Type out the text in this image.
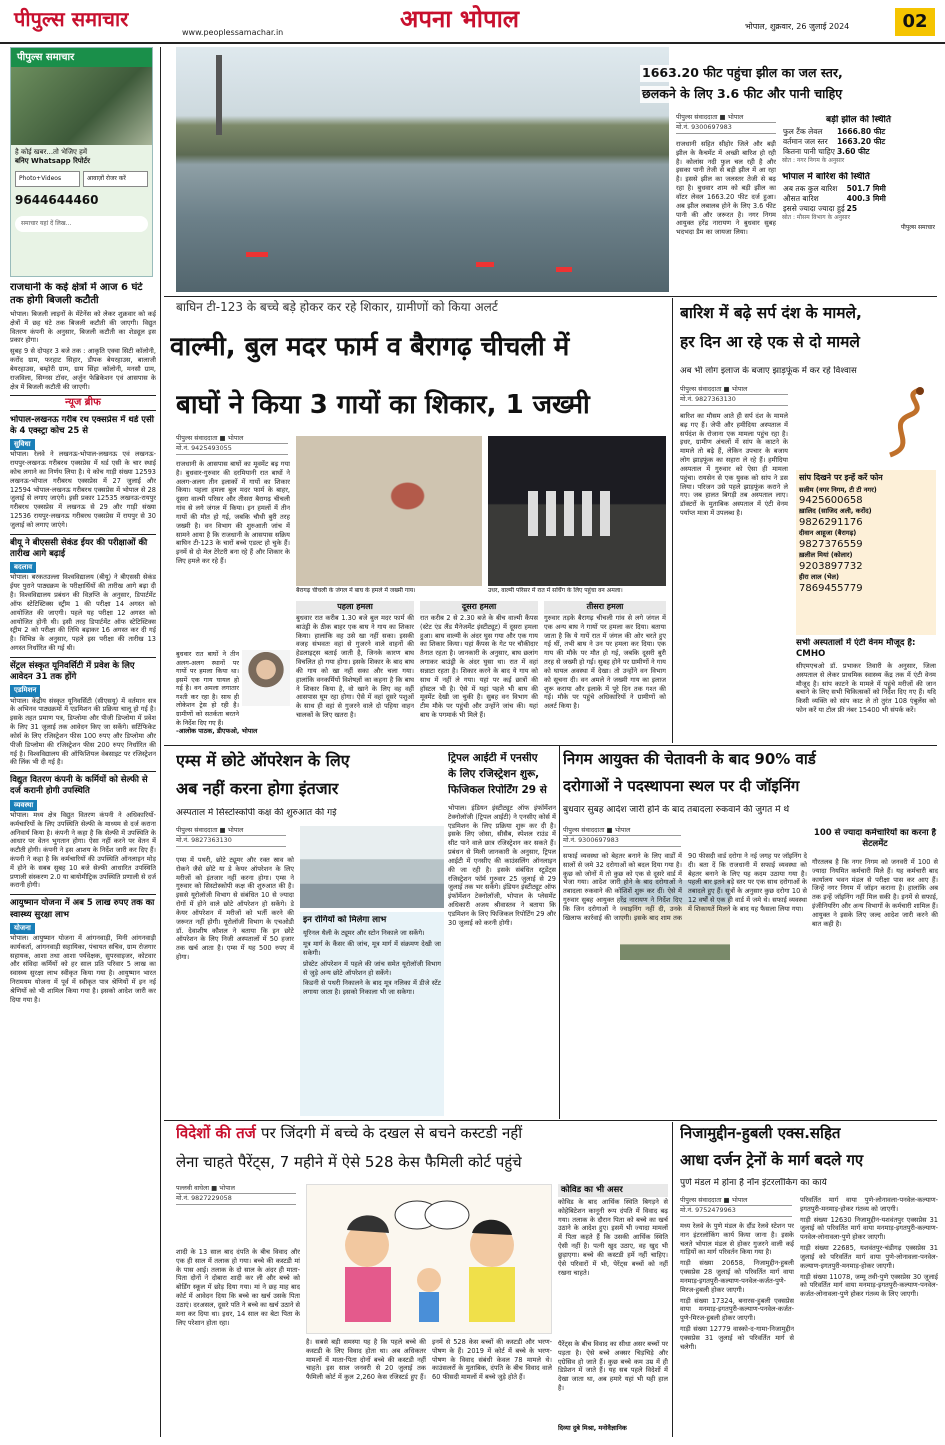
पीपुल्स समाचार
www.peoplessamachar.in	अपना भोपाल	भोपाल, शुक्रवार, 26 जुलाई 2024	02
पीपुल्स समाचार
है कोई खबर...तो भेजिए हमें
बनिए Whatsapp रिपोर्टर
Photo+Videos	आवाज़ों रोजर करें
9644644460
समाचार यहां दें लिख...
राजधानी के कई क्षेत्रों में आज 6 घंटे तक होगी बिजली कटौती
भोपाल। बिजली लाइनों के मेंटेनेंस को लेकर शुक्रवार को कई क्षेत्रों में छह घंटे तक बिजली कटौती की जाएगी। विद्युत वितरण कंपनी के अनुसार, बिजली कटौती का शेड्यूल इस प्रकार होगा।
सुबह 9 से दोपहर 3 बजे तक : आकृति एक्वा सिटी कॉलोनी, करोंद ग्राम, फरहाट सिहार, डीपक बेयरहाउस, बालाजी बेयरहाउस, बम्होरी ग्राम, ग्राम सिंहा कॉलोनी, मनसौ ग्राम, राजविला, सिग्नस टॉवर, अर्जुन फेब्रिकेशन एवं आसपास के क्षेत्र में बिजली कटौती की जाएगी।
न्यूज ब्रीफ
भोपाल-लखनऊ गरीब रथ एक्सप्रेस में थर्ड एसी के 4 एक्स्ट्रा कोच 25 से
सुविधा
भोपाल। रेलवे ने लखनऊ-भोपाल-लखनऊ एवं लखनऊ-रायपुर-लखनऊ गरीबरथ एक्सप्रेस में थर्ड एसी के चार स्थाई कोच लगाने का निर्णय लिया है। ये कोच गाड़ी संख्या 12593 लखनऊ-भोपाल गरीबरथ एक्सप्रेस में 27 जुलाई और 12594 भोपाल-लखनऊ गरीबरथ एक्सप्रेस में भोपाल से 28 जुलाई से लगाए जाएंगे। इसी प्रकार 12535 लखनऊ-रायपुर गरीबरथ एक्सप्रेस में लखनऊ से 29 और गाड़ी संख्या 12536 रायपुर-लखनऊ गरीबरथ एक्सप्रेस में रायपुर से 30 जुलाई को लगाए जाएंगे।
बीयू ने बीएससी सेकंड ईयर की परीक्षाओं की तारीख आगे बढ़ाई
बदलाव
भोपाल। बरकतउल्ला विश्वविद्यालय (बीयू) ने बीएससी सेकंड ईयर पुराने पाठ्यक्रम के परीक्षार्थियों की तारीख आगे बढ़ा दी है। विश्वविद्यालय प्रबंधन की विज्ञप्ति के अनुसार, डिपार्टमेंट ऑफ स्टेटिस्टिक्स स्ट्रीम 1 की परीक्षा 14 अगस्त को आयोजित की जाएगी। पहले यह परीक्षा 12 अगस्त को आयोजित होनी थी। इसी तरह डिपार्टमेंट ऑफ स्टेटिस्टिक्स स्ट्रीम 2 को परीक्षा की तिथि बढ़ाकर 16 अगस्त कर दी गई है। विभिन्न के अनुसार, पहले इस परीक्षा की तारीख 13 अगस्त निर्धारित की गई थी।
सेंट्रल संस्कृत यूनिवर्सिटी में प्रवेश के लिए आवेदन 31 तक होंगे
एडमिशन
भोपाल। केंद्रीय संस्कृत यूनिवर्सिटी (सीएसयू) में वर्तमान सत्र के अभिनव पाठ्यक्रमों में एडमिशन की प्रक्रिया चालू हो गई है। इसके तहत प्रमाण पत्र, डिप्लोमा और पीजी डिप्लोमा में प्रवेश के लिए 31 जुलाई तक आवेदन किए जा सकेंगे। सर्टिफिकेट कोर्स के लिए रजिस्ट्रेशन फीस 100 रुपए और डिप्लोमा और पीजी डिप्लोमा की रजिस्ट्रेशन फीस 200 रुपए निर्धारित की गई है। विश्वविद्यालय की ऑफिशियल वेबसाइट पर रजिस्ट्रेशन की लिंक भी दी गई है।
विद्युत वितरण कंपनी के कर्मियों को सेल्फी से दर्ज करानी होगी उपस्थिति
व्यवस्था
भोपाल। मध्य क्षेत्र विद्युत वितरण कंपनी ने अधिकारियों-कर्मचारियों के लिए उपस्थिति सेल्फी के माध्यम से दर्ज कराना अनिवार्य किया है। कंपनी ने कहा है कि सेल्फी में उपस्थिति के आधार पर वेतन भुगतान होगा। ऐसा नहीं करने पर वेतन में कटौती होगी। कंपनी ने इस आशय के निर्देश जारी कर दिए हैं। कंपनी ने कहा है कि कर्मचारियों की उपस्थिति ऑनलाइन मोड़ में होने के सबब सुबह 10 बजे सेल्फी आधारित उपस्थिति प्रणाली संस्करण 2.0 या बायोमीट्रिक उपस्थिति प्रणाली से दर्ज करानी होगी।
आयुष्मान योजना में अब 5 लाख रुपए तक का स्वास्थ्य सुरक्षा लाभ
योजना
भोपाल। आयुष्मान योजना में आंगनवाड़ी, मिनी आंगनवाड़ी कार्यकर्ता, आंगनवाड़ी सहायिका, पंचायत सचिव, ग्राम रोजगार सहायक, आशा तथा आशा पर्यवेक्षक, सुपरवाइजर, कोटवार और संविदा कर्मियों को हर साल प्रति परिवार 5 लाख का स्वास्थ्य सुरक्षा लाभ स्वीकृत किया गया है। आयुष्मान भारत निरामयम योजना में पूर्व में स्वीकृत पात्र श्रेणियों में इन नई श्रेणियों को भी शामिल किया गया है। इसको आदेश जारी कर दिया गया है।
1663.20 फीट पहुंचा झील का जल स्तर,
छलकने के लिए 3.6 फीट और पानी चाहिए
पीपुल्स संवाददाता ■ भोपाल
मो.नं. 9300697983
राजधानी सहित सीहोर जिले और बड़ी झील के कैचमेंट में अच्छी बारिश हो रही है। कोलांस नदी फुल चल रही है और इसका पानी तेजी से बड़ी झील में आ रहा है। इससे झील का जलस्तर तेजी से बढ़ रहा है। बुधवार शाम को बड़ी झील का वॉटर लेवल 1663.20 फीट दर्ज हुआ। अब झील लबालब होने के लिए 3.6 फीट पानी की और जरूरत है। नगर निगम आयुक्त हरेंद्र नारायण ने बुधवार सुबह भदभदा डैम का जायजा लिया।
बड़ी झील की स्थिति
फुल टैंक लेवल	1666.80 फीट
वर्तमान जल स्तर	1663.20 फीट
कितना पानी चाहिए	3.60 फीट
स्रोत : नगर निगम के अनुसार
भोपाल में बारिश की स्थिति
अब तक कुल बारिश	501.7 मिमी
औसत बारिश	400.3 मिमी
इससे ज्यादा ज्यादा हुई	25
स्रोत : मौसम विभाग के अनुसार
पीपुल्स समाचार
बाघिन टी-123 के बच्चे बड़े होकर कर रहे शिकार, ग्रामीणों को किया अलर्ट
वाल्मी, बुल मदर फार्म व बैरागढ़ चीचली में
बाघों ने किया 3 गायों का शिकार, 1 जख्मी
पीपुल्स संवाददाता ■ भोपाल
मो.नं. 9425493055
राजधानी के आसपास बाघों का मूवमेंट बढ़ गया है। बुधवार-गुरुवार की दरमियानी रात बाघों ने अलग-अलग तीन इलाकों में गायों का शिकार किया। पहला हमला बुल मदर फार्म के बाहर, दूसरा वाल्मी परिसर और तीसरा बैरागढ़ चीचली गांव से लगे जंगल में किया। इन हमलों में तीन गायों की मौत हो गई, जबकि चौथी बुरी तरह जख्मी है। वन विभाग की शुरुआती जांच में सामने आया है कि राजधानी के आसपास सक्रिय बाघिन टी-123 के चारों बच्चे एडल्ट हो चुके हैं। इनमें से दो मेल टेरेटरी बना रहे हैं और शिकार के लिए हमले कर रहे हैं।
बुधवार रात बाघों ने तीन अलग-अलग स्थानों पर गायों पर हमला किया था। इसमें एक गाय घायल हो गई है। वन अमला लगातार गश्ती कर रहा है। साथ ही लोकेशन ट्रेस हो रही है। ग्रामीणों को सतर्कता बरतने के निर्देश दिए गए हैं।
-आलोक पाठक, डीएफओ, भोपाल
बैरागढ़ चीचली के जंगल में बाघ के हमले में जख्मी गाय।	उधर, वाल्मी परिसर में रात में सर्चिंग के लिए पहुंचा वन अमला।
पहला हमला
बुधवार रात करीब 1.30 बजे बुल मदर फार्म की बाउंड्री के ठीक बाहर एक बाघ ने गाय का शिकार किया। हालांकि वह उसे खा नहीं सका। इसकी वजह संभवतः वहां से गुजरने वाले वाहनों की हेडलाइट्स बताई जाती है, जिनके कारण बाघ विचलित हो गया होगा। इसके शिकार के बाद बाघ की गाय को खा नहीं सका और चला गया। हालांकि वनकर्मियों विशेषज्ञों का कहना है कि बाघ ने शिकार किया है, वो खाने के लिए वह वहीं आसपास घूम रहा होगा। ऐसे में वहां दूसरे पशुओं के साथ ही वहां से गुजरने वाले दो पहिया वाहन चालकों के लिए खतरा है।
दूसरा हमला
रात करीब 2 से 2.30 बजे के बीच वाल्मी कैंपस (स्टेट एंड लैंड मैनेजमेंट इंस्टीट्यूट) में दूसरा हमला हुआ। बाघ वाल्मी के अंदर घुस गया और एक गाय का शिकार किया। यहां कैंपस के गेट पर चौकीदार तैनात रहता है। जानकारी के अनुसार, बाघ छलांग लगाकर बाउंड्री के अंदर घुसा था। रात में वहां सन्नाटा रहता है। शिकार करने के बाद ये गाय को साथ में नहीं ले गया। यहां पर कई छात्रों की हॉस्टल भी है। ऐसे में यहां पहले भी बाघ की मूवमेंट देखी जा चुकी है। सुबह वन विभाग की टीम मौके पर पहुंची और उन्होंने जांच की। यहां बाघ के पगमार्क भी मिले हैं।
तीसरा हमला
गुरुवार तड़के बैरागढ़ चीचली गांव से लगे जंगल में एक अन्य बाघ ने गायों पर हमला कर दिया। बताया जाता है कि ये गायें रात में जंगल की ओर चरते हुए गई थीं, तभी बाघ ने उन पर हमला कर दिया। एक गाय की मौके पर मौत हो गई, जबकि दूसरी बुरी तरह से जख्मी हो गई। सुबह होने पर ग्रामीणों ने गाय को घायल अवस्था में देखा। तो उन्होंने वन विभाग को सूचना दी। वन अमले ने जख्मी गाय का इलाज शुरू कराया और इलाके में पूरे दिन तक गश्त की गई। मौके पर पहुंचे अधिकारियों ने ग्रामीणों को अलर्ट किया है।
बारिश में बढ़े सर्प दंश के मामले,
हर दिन आ रहे एक से दो मामले
अब भी लोग इलाज के बजाए झाड़फूंक में कर रहे विश्वास
पीपुल्स संवाददाता ■ भोपाल
मो.नं. 9827363130
बारिश का मौसम आते ही सर्प दंश के मामले बढ़ गए हैं। जेपी और हमीदिया अस्पताल में सर्पदंश के रोजाना एक मामला पहुंच रहा है। इधर, ग्रामीण अंचलों में सांप के काटने के मामले तो बढ़े हैं, लेकिन उपचार के बजाय लोग झाड़फूंक का सहारा ले रहे हैं। हमीदिया अस्पताल में गुरुवार को ऐसा ही मामला पहुंचा। रायसेन से एक युवक को सांप ने डस लिया। परिजन उसे पहले झाड़फूंक कराने ले गए। जब हालत बिगड़ी तब अस्पताल लाए। डॉक्टरों के मुताबिक अस्पताल में एंटी वेनम पर्याप्त मात्रा में उपलब्ध है।
सांप दिखने पर इन्हें करें फोन
सलीम (नगर निगम, टी टी नगर)
9425600658
ख़ालिद (साजिद अली, करोंद)
9826291176
दीवान आहूजा (बैरागढ़)
9827376559
ख़लील मियां (कोलार)
9203897732
हीरा लाल (भेल)
7869455779
सभी अस्पतालों में एंटी वेनम मौजूद है: CMHO
सीएमएचओ डॉ. प्रभाकर तिवारी के अनुसार, जिला अस्पताल से लेकर प्राथमिक स्वास्थ्य केंद्र तक में एंटी वेनम मौजूद है। सांप काटने के मामले में पहुंचे मरीजों की जान बचाने के लिए सभी चिकित्सकों को निर्देश दिए गए हैं। यदि किसी व्यक्ति को सांप काट ले तो तुरंत 108 एंबुलेंस को फोन करें या टोल फ्री नंबर 15400 भी संपर्क करें।
एम्स में छोटे ऑपरेशन के लिए
अब नहीं करना होगा इंतजार
अस्पताल में सिस्टोस्कोपी कक्ष की शुरुआत की गई
पीपुल्स संवाददाता ■ भोपाल
मो.नं. 9827363130
एम्स में पथरी, छोटे ट्यूमर और रक्त स्राव को रोकने जैसे छोटे या डे केयर ऑपरेशन के लिए मरीजों को इंतजार नहीं करना होगा। एम्स ने गुरुवार को सिस्टोस्कोपी कक्ष की शुरुआत की है। इससे यूरोलॉजी विभाग से संबंधित 10 से ज्यादा रोगों में होने वाले छोटे ऑपरेशन हो सकेंगे। डे केयर ऑपरेशन में मरीजों को भर्ती करने की जरूरत नहीं होगी। यूरोलॉजी विभाग के एचओडी डॉ. देवाशीष कौशल ने बताया कि इन छोटे ऑपरेशन के लिए निजी अस्पतालों में 50 हजार तक खर्च आता है। एम्स में यह 500 रुपए में होगा।
इन रोगियों को मिलेगा लाभ
यूरिनल थैली के ट्यूमर और स्टोन निकाले जा सकेंगे।
मूत्र मार्ग के कैंसर की जांच, मूत्र मार्ग में संक्रमण देखी जा सकेगी।
प्रोस्टेट ऑपरेशन में पहले की जांच समेत यूरोलॉजी विभाग से जुड़े अन्य छोटे ऑपरेशन हो सकेंगे।
किडनी से पथरी निकालने के बाद मूत्र नलिका में डीजे स्टेंट लगाया जाता है। इसको निकाला भी जा सकेगा।
ट्रिपल आईटी में एनसीए
के लिए रजिस्ट्रेशन शुरू,
फिजिकल रिपोर्टिंग 29 से
भोपाल। इंडियन इंस्टीट्यूट ऑफ इंफॉर्मेशन टेक्नोलॉजी (ट्रिपल आईटी) ने एनसीए कोर्स में एडमिशन के लिए प्रक्रिया शुरू कर दी है। इसके लिए जोसा, सीसैब, स्पेशल राउंड में सीट पाने वाले छात्र रजिस्ट्रेशन कर सकते हैं। प्रबंधन से मिली जानकारी के अनुसार, ट्रिपल आईटी में एनसीए की काउंसलिंग ऑनलाइन की जा रही है। इसके संबंधित स्टूडेंट्स रजिस्ट्रेशन फॉर्म गुरुवार 25 जुलाई से 29 जुलाई तक भर सकेंगे। इंडियन इंस्टीट्यूट ऑफ इंफॉर्मेशन टेक्नोलॉजी, भोपाल के प्लेसमेंट अधिकारी अजय श्रीवास्तव ने बताया कि एडमिशन के लिए फिजिकल रिपोर्टिंग 29 और 30 जुलाई को करनी होगी।
निगम आयुक्त की चेतावनी के बाद 90% वार्ड
दरोगाओं ने पदस्थापना स्थल पर दी जॉइनिंग
बुधवार सुबह आदेश जारी होने के बाद तबादला रुकवाने की जुगत में थे
पीपुल्स संवाददाता ■ भोपाल
मो.नं. 9300697983
सफाई व्यवस्था को बेहतर बनाने के लिए वार्डों में सालों से जमे 32 दरोगाओं को बदल दिया गया है। कुछ को जोनों में तो कुछ को एक से दूसरे वार्ड में भेजा गया। आदेश जारी होने के बाद दरोगाओं ने तबादला रुकवाने की कोशिशें शुरू कर दीं। ऐसे में गुरुवार सुबह आयुक्त हरेंद्र नारायण ने निर्देश दिए कि जिन दरोगाओं ने ज्वाइनिंग नहीं दी, उनके खिलाफ कार्रवाई की जाएगी। इसके बाद शाम तक 90 फीसदी वार्ड दरोगा ने नई जगह पर जॉइनिंग दे दी। बता दें कि राजधानी में सफाई व्यवस्था को बेहतर बनाने के लिए यह कदम उठाया गया है। पहली बार इतने बड़े स्तर पर एक साथ दरोगाओं के तबादले हुए हैं। सूत्रों के अनुसार कुछ दरोगा 10 से 12 वर्षों से एक ही वार्ड में जमे थे। सफाई व्यवस्था में शिकायतें मिलने के बाद यह फैसला लिया गया।
100 से ज्यादा कर्मचारियों का करना है सेटलमेंट
गौरतलब है कि नगर निगम को जनवरी में 100 से ज्यादा नियमित कर्मचारी मिले हैं। यह कर्मचारी बाद कार्यालय भवन मंडल से परीक्षा पास कर आए हैं। जिन्हें नगर निगम में जॉइन कराना है। हालांकि अब तक इन्हें जॉइनिंग नहीं मिल सकी है। इनमें से सफाई, इंजीनियरिंग और अन्य विभागों के कर्मचारी शामिल हैं। आयुक्त ने इसके लिए जल्द आदेश जारी करने की बात कही है।
विदेशों की तर्ज पर जिंदगी में बच्चे के दखल से बचने कस्टडी नहीं
लेना चाहते पैरेंट्स, 7 महीने में ऐसे 528 केस फैमिली कोर्ट पहुंचे
पल्लवी वाघेला ■ भोपाल
मो.नं. 9827229058
शादी के 13 साल बाद दंपति के बीच विवाद और एक ही साल में तलाक हो गया। बच्चे की कस्टडी मां के पास आई। तलाक के दो साल के अंदर ही माता-पिता दोनों ने दोबारा शादी कर ली और बच्चे को बोर्डिंग स्कूल में छोड़ दिया गया। मां ने छह माह बाद कोर्ट में आवेदन दिया कि बच्चे का खर्च उसके पिता उठाएं। दरअसल, दूसरे पति ने बच्चे का खर्च उठाने से मना कर दिया था। इधर, 14 साल का बेटा पिता के लिए परेशान होता रहा।
है। सबसे बड़ी समस्या यह है कि पहले बच्चे की कस्टडी के लिए विवाद होता था। अब अधिकतर मामलों में माता-पिता दोनों बच्चे की कस्टडी नहीं चाहते। इस साल जनवरी से 20 जुलाई तक फैमिली कोर्ट में कुल 2,260 केस रजिस्टर्ड हुए हैं। इनमें से 528 केस बच्चों की कस्टडी और भरण-पोषण के हैं। 2019 में कोर्ट में बच्चे के भरण-पोषण के विवाद संबंधी केवल 78 मामले थे। काउंसलरों के मुताबिक, दंपति के बीच विवाद वाले 60 फीसदी मामलों में बच्चे जुड़े होते हैं।
कोविड का भी असर
कोविड के बाद आर्थिक स्थिति बिगड़ने से कोहेबिटेशन कानूनी रूप दंपति में विवाद बढ़ गया। तलाक के दौरान पिता को बच्चे का खर्च उठाने के आदेश हुए। इसमें भी ज्यादा मामलों में पिता कहते हैं कि उसकी आर्थिक स्थिति ऐसी नहीं है। पत्नी खुद उठाए, वह खुद भी छुड़ाएगा। बच्चे की कस्टडी हमें नहीं चाहिए। ऐसे परिवारों में भी, पेरेंट्स बच्चों को नहीं रखना चाहते।
पैरेंट्स के बीच विवाद का सीधा असर बच्चों पर पड़ता है। ऐसे बच्चे अक्सर चिड़चिड़े और एग्रेसिव हो जाते हैं। कुछ बच्चे कम उम्र में ही डिप्रेशन में जाते हैं। यह सब पहले विदेशों में देखा जाता था, अब हमारे यहां भी यही हाल है।
दिव्या दुबे मिश्रा, मनोवैज्ञानिक
निजामुद्दीन-हुबली एक्स.सहित
आधा दर्जन ट्रेनों के मार्ग बदले गए
पुणे मंडल में होना है नॉन इंटरलॉकिंग का कार्य
पीपुल्स संवाददाता ■ भोपाल
मो.नं. 9752479963
मध्य रेलवे के पुणे मंडल के दौंड रेलवे स्टेशन पर नान इंटरलॉकिंग कार्य किया जाना है। इसके चलते भोपाल मंडल से होकर गुजरने वाली कई गाड़ियों का मार्ग परिवर्तन किया गया है।
गाड़ी संख्या 20658, निजामुद्दीन-हुबली एक्सप्रेस 28 जुलाई को परिवर्तित मार्ग वाया मनमाड़-इगतपुरी-कल्याण-पनवेल-कर्जत-पुणे-मिरज-हुबली होकर जाएगी।
गाड़ी संख्या 17324, बनारस-हुबली एक्सप्रेस वाया मनमाड़-इगतपुरी-कल्याण-पनवेल-कर्जत-पुणे-मिरज-हुबली होकर जाएगी।
गाड़ी संख्या 12779 वास्को-द-गामा-निजामुद्दीन एक्सप्रेस 31 जुलाई को परिवर्तित मार्ग से चलेगी।
परिवर्तित मार्ग वाया पुणे-लोनावला-पनवेल-कल्याण-इगतपुरी-मनमाड़-होकर गंतव्य को जाएगी।
गाड़ी संख्या 12630 निजामुद्दीन-यशवंतपुर एक्सप्रेस 31 जुलाई को परिवर्तित मार्ग वाया मनमाड़-इगतपुरी-कल्याण-पनवेल-लोनावला-पुणे होकर जाएगी।
गाड़ी संख्या 22685, यशवंतपुर-चंडीगढ़ एक्सप्रेस 31 जुलाई को परिवर्तित मार्ग वाया पुणे-लोनावला-पनवेल-कल्याण-इगतपुरी-मनमाड़-होकर जाएगी।
गाड़ी संख्या 11078, जम्मू तवी-पुणे एक्सप्रेस 30 जुलाई को परिवर्तित मार्ग वाया मनमाड़-इगतपुरी-कल्याण-पनवेल-कर्जत-लोनावला-पुणे होकर गंतव्य के लिए जाएगी।
